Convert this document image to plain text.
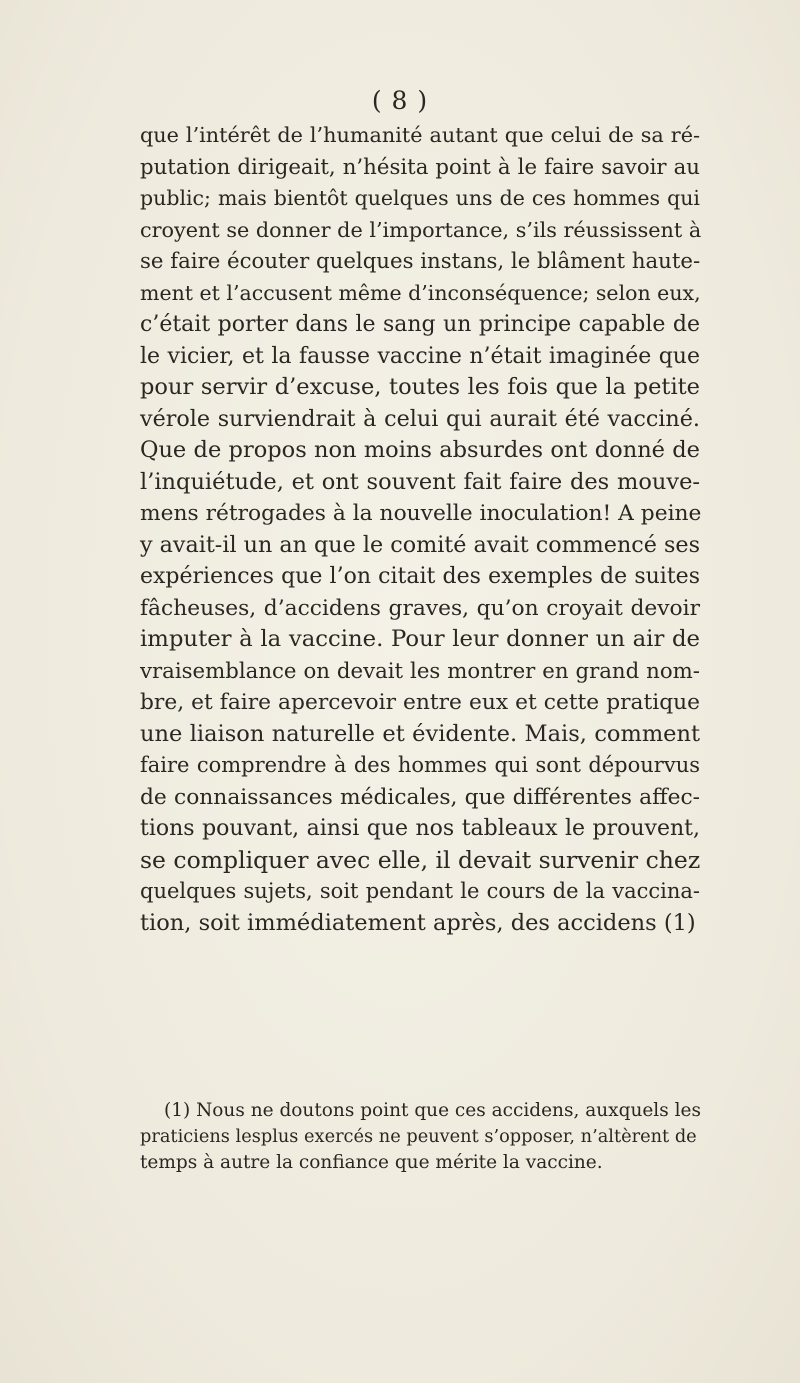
( 8 )
que l’intérêt de l’humanité autant que celui de sa ré-
putation dirigeait, n’hésita point à le faire savoir au
public; mais bientôt quelques uns de ces hommes qui
croyent se donner de l’importance, s’ils réussissent à
se faire écouter quelques instans, le blâment haute-
ment et l’accusent même d’inconséquence; selon eux,
c’était porter dans le sang un principe capable de
le vicier, et la fausse vaccine n’était imaginée que
pour servir d’excuse, toutes les fois que la petite
vérole surviendrait à celui qui aurait été vacciné.
Que de propos non moins absurdes ont donné de
l’inquiétude, et ont souvent fait faire des mouve-
mens rétrogades à la nouvelle inoculation! A peine
y avait-il un an que le comité avait commencé ses
expériences que l’on citait des exemples de suites
fâcheuses, d’accidens graves, qu’on croyait devoir
imputer à la vaccine. Pour leur donner un air de
vraisemblance on devait les montrer en grand nom-
bre, et faire apercevoir entre eux et cette pratique
une liaison naturelle et évidente. Mais, comment
faire comprendre à des hommes qui sont dépourvus
de connaissances médicales, que différentes affec-
tions pouvant, ainsi que nos tableaux le prouvent,
se compliquer avec elle, il devait survenir chez
quelques sujets, soit pendant le cours de la vaccina-
tion, soit immédiatement après, des accidens (1)
(1) Nous ne doutons point que ces accidens, auxquels les
praticiens lesplus exercés ne peuvent s’opposer, n’altèrent de
temps à autre la confiance que mérite la vaccine.
